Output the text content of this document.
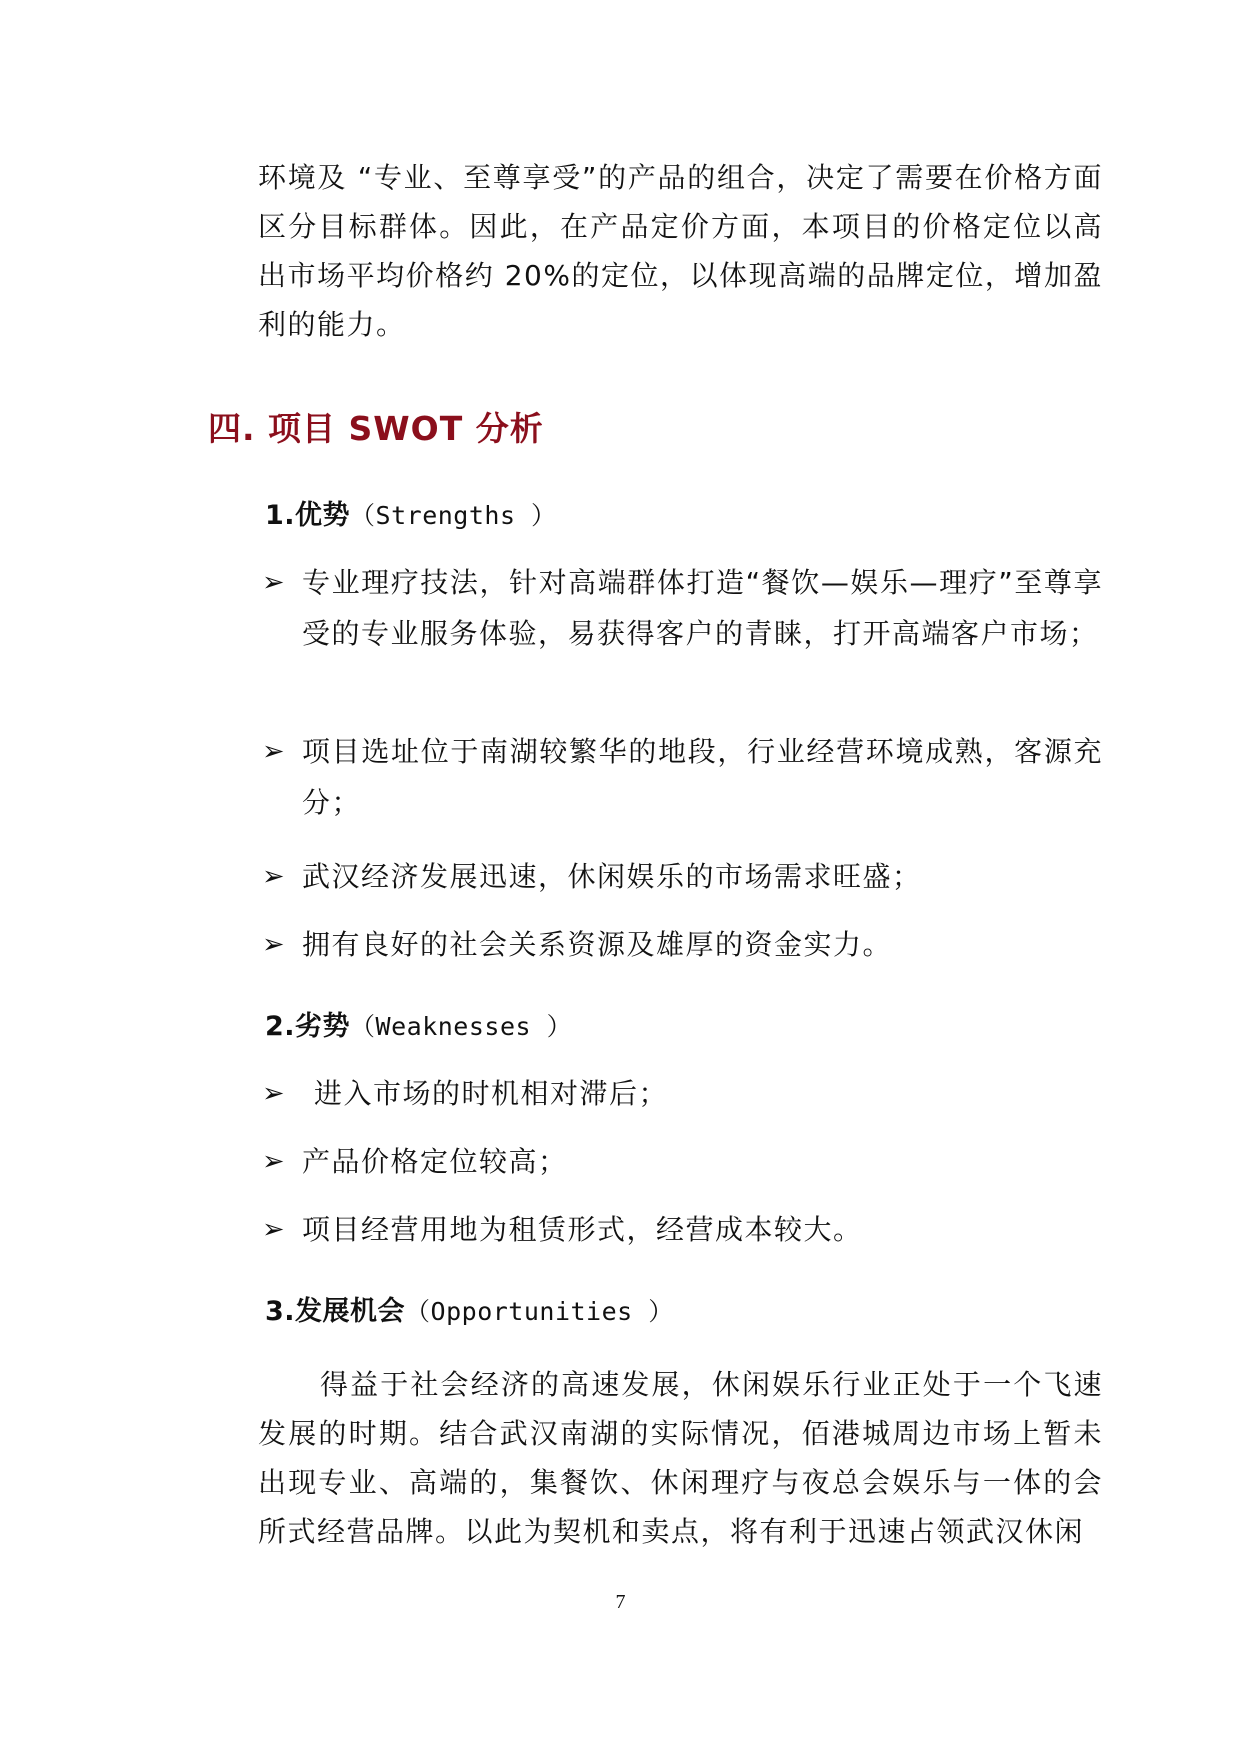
环境及 “专业、至尊享受”的产品的组合，决定了需要在价格方面区分目标群体。因此，在产品定价方面，本项目的价格定位以高出市场平均价格约 20%的定位，以体现高端的品牌定位，增加盈利的能力。

四. 项目 SWOT 分析
1.优势（Strengths ）
➢ 专业理疗技法，针对高端群体打造“餐饮—娱乐—理疗”至尊享受的专业服务体验，易获得客户的青睐，打开高端客户市场；
➢ 项目选址位于南湖较繁华的地段，行业经营环境成熟，客源充分；
➢ 武汉经济发展迅速，休闲娱乐的市场需求旺盛；
➢ 拥有良好的社会关系资源及雄厚的资金实力。
2.劣势（Weaknesses ）
➢	进入市场的时机相对滞后；
➢ 产品价格定位较高；
➢ 项目经营用地为租赁形式，经营成本较大。
3.发展机会（Opportunities ）

得益于社会经济的高速发展，休闲娱乐行业正处于一个飞速发展的时期。结合武汉南湖的实际情况，佰港城周边市场上暂未出现专业、高端的，集餐饮、休闲理疗与夜总会娱乐与一体的会所式经营品牌。以此为契机和卖点，将有利于迅速占领武汉休闲

7
